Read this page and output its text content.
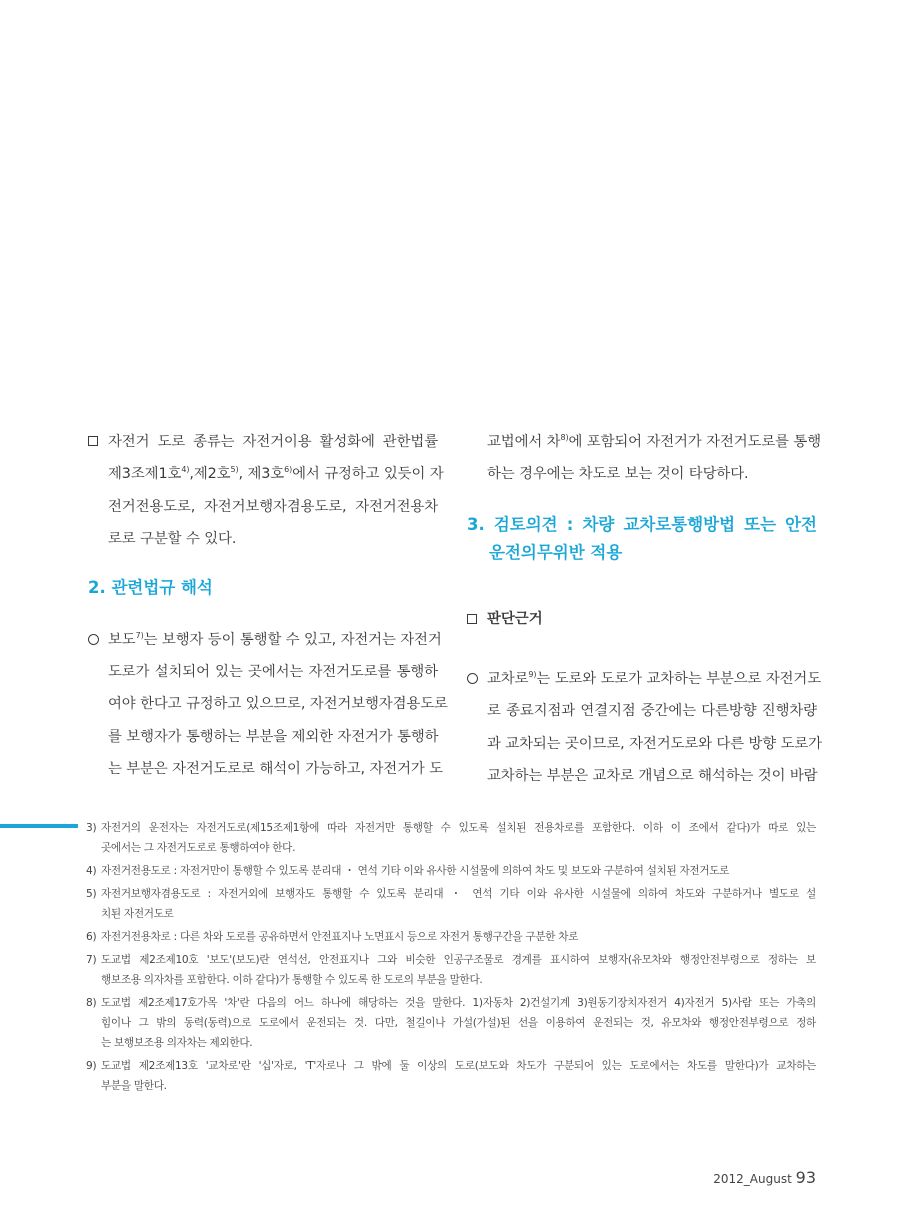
자전거 도로 종류는 자전거이용 활성화에 관한법률
제3조제1호$^{4)}$,제2호$^{5)}$, 제3호$^{6)}$에서 규정하고 있듯이 자
전거전용도로, 자전거보행자겸용도로, 자전거전용차
로로 구분할 수 있다.
2. 관련법규 해석
보도$^{7)}$는 보행자 등이 통행할 수 있고, 자전거는 자전거
도로가 설치되어 있는 곳에서는 자전거도로를 통행하
여야 한다고 규정하고 있으므로, 자전거보행자겸용도로
를 보행자가 통행하는 부분을 제외한 자전거가 통행하
는 부분은 자전거도로로 해석이 가능하고, 자전거가 도
교법에서 차$^{8)}$에 포함되어 자전거가 자전거도로를 통행
하는 경우에는 차도로 보는 것이 타당하다.
3. 검토의견 : 차량 교차로통행방법 또는 안전
운전의무위반 적용
판단근거
교차로$^{9)}$는 도로와 도로가 교차하는 부분으로 자전거도
로 종료지점과 연결지점 중간에는 다른방향 진행차량
과 교차되는 곳이므로, 자전거도로와 다른 방향 도로가
교차하는 부분은 교차로 개념으로 해석하는 것이 바람
3) 자전거의 운전자는 자전거도로(제15조제1항에 따라 자전거만 통행할 수 있도록 설치된 전용차로를 포함한다. 이하 이 조에서 같다)가 따로 있는
곳에서는 그 자전거도로로 통행하여야 한다.
4) 자전거전용도로 : 자전거만이 통행할 수 있도록 분리대 ・ 연석 기타 이와 유사한 시설물에 의하여 차도 및 보도와 구분하여 설치된 자전거도로
5) 자전거보행자겸용도로 : 자전거외에 보행자도 통행할 수 있도록 분리대 ・ 연석 기타 이와 유사한 시설물에 의하여 차도와 구분하거나 별도로 설
치된 자전거도로
6) 자전거전용차로 : 다른 차와 도로를 공유하면서 안전표지나 노면표시 등으로 자전거 통행구간을 구분한 차로
7) 도교법 제2조제10호 '보도'(보도)란 연석선, 안전표지나 그와 비슷한 인공구조물로 경계를 표시하여 보행자(유모차와 행정안전부령으로 정하는 보
행보조용 의자차를 포함한다. 이하 같다)가 통행할 수 있도록 한 도로의 부분을 말한다.
8) 도교법 제2조제17호가목 '차'란 다음의 어느 하나에 해당하는 것을 말한다. 1)자동차 2)건설기계 3)원동기장치자전거 4)자전거 5)사람 또는 가축의
힘이나 그 밖의 동력(동력)으로 도로에서 운전되는 것. 다만, 철길이나 가설(가설)된 선을 이용하여 운전되는 것, 유모차와 행정안전부령으로 정하
는 보행보조용 의자차는 제외한다.
9) 도교법 제2조제13호 '교차로'란 '십'자로, 'T'자로나 그 밖에 둘 이상의 도로(보도와 차도가 구분되어 있는 도로에서는 차도를 말한다)가 교차하는
부분을 말한다.
2012_August 93
